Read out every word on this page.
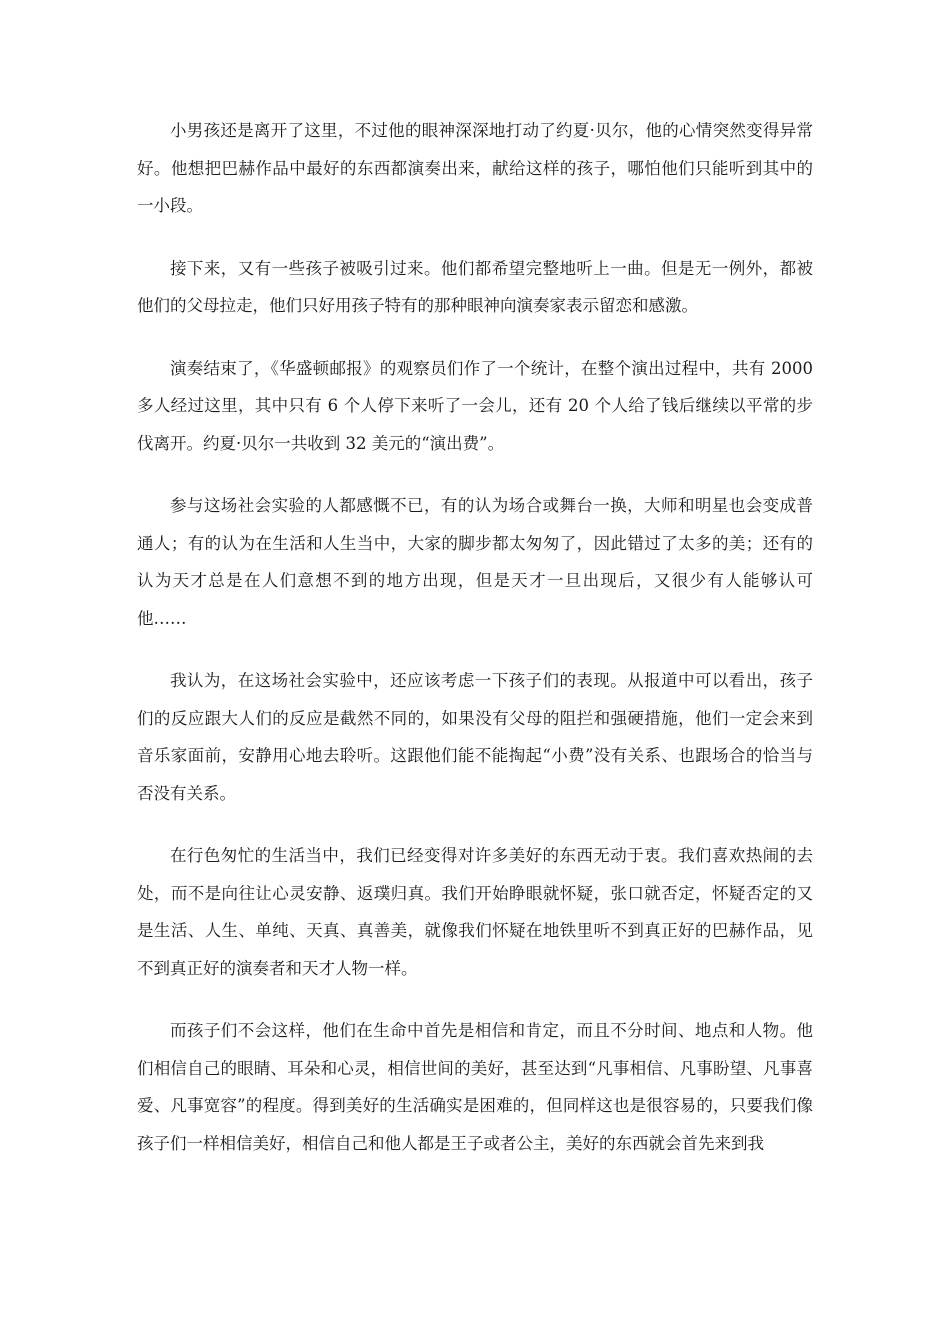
小男孩还是离开了这里，不过他的眼神深深地打动了约夏·贝尔，他的心情突然变得异常好。他想把巴赫作品中最好的东西都演奏出来，献给这样的孩子，哪怕他们只能听到其中的一小段。

接下来，又有一些孩子被吸引过来。他们都希望完整地听上一曲。但是无一例外，都被他们的父母拉走，他们只好用孩子特有的那种眼神向演奏家表示留恋和感激。

演奏结束了，《华盛顿邮报》的观察员们作了一个统计，在整个演出过程中，共有 2000 多人经过这里，其中只有 6 个人停下来听了一会儿，还有 20 个人给了钱后继续以平常的步伐离开。约夏·贝尔一共收到 32 美元的“演出费”。

参与这场社会实验的人都感慨不已，有的认为场合或舞台一换，大师和明星也会变成普通人；有的认为在生活和人生当中，大家的脚步都太匆匆了，因此错过了太多的美；还有的认为天才总是在人们意想不到的地方出现，但是天才一旦出现后，又很少有人能够认可他……

我认为，在这场社会实验中，还应该考虑一下孩子们的表现。从报道中可以看出，孩子们的反应跟大人们的反应是截然不同的，如果没有父母的阻拦和强硬措施，他们一定会来到音乐家面前，安静用心地去聆听。这跟他们能不能掏起“小费”没有关系、也跟场合的恰当与否没有关系。

在行色匆忙的生活当中，我们已经变得对许多美好的东西无动于衷。我们喜欢热闹的去处，而不是向往让心灵安静、返璞归真。我们开始睁眼就怀疑，张口就否定，怀疑否定的又是生活、人生、单纯、天真、真善美，就像我们怀疑在地铁里听不到真正好的巴赫作品，见不到真正好的演奏者和天才人物一样。

而孩子们不会这样，他们在生命中首先是相信和肯定，而且不分时间、地点和人物。他们相信自己的眼睛、耳朵和心灵，相信世间的美好，甚至达到“凡事相信、凡事盼望、凡事喜爱、凡事宽容”的程度。得到美好的生活确实是困难的，但同样这也是很容易的，只要我们像孩子们一样相信美好，相信自己和他人都是王子或者公主，美好的东西就会首先来到我
